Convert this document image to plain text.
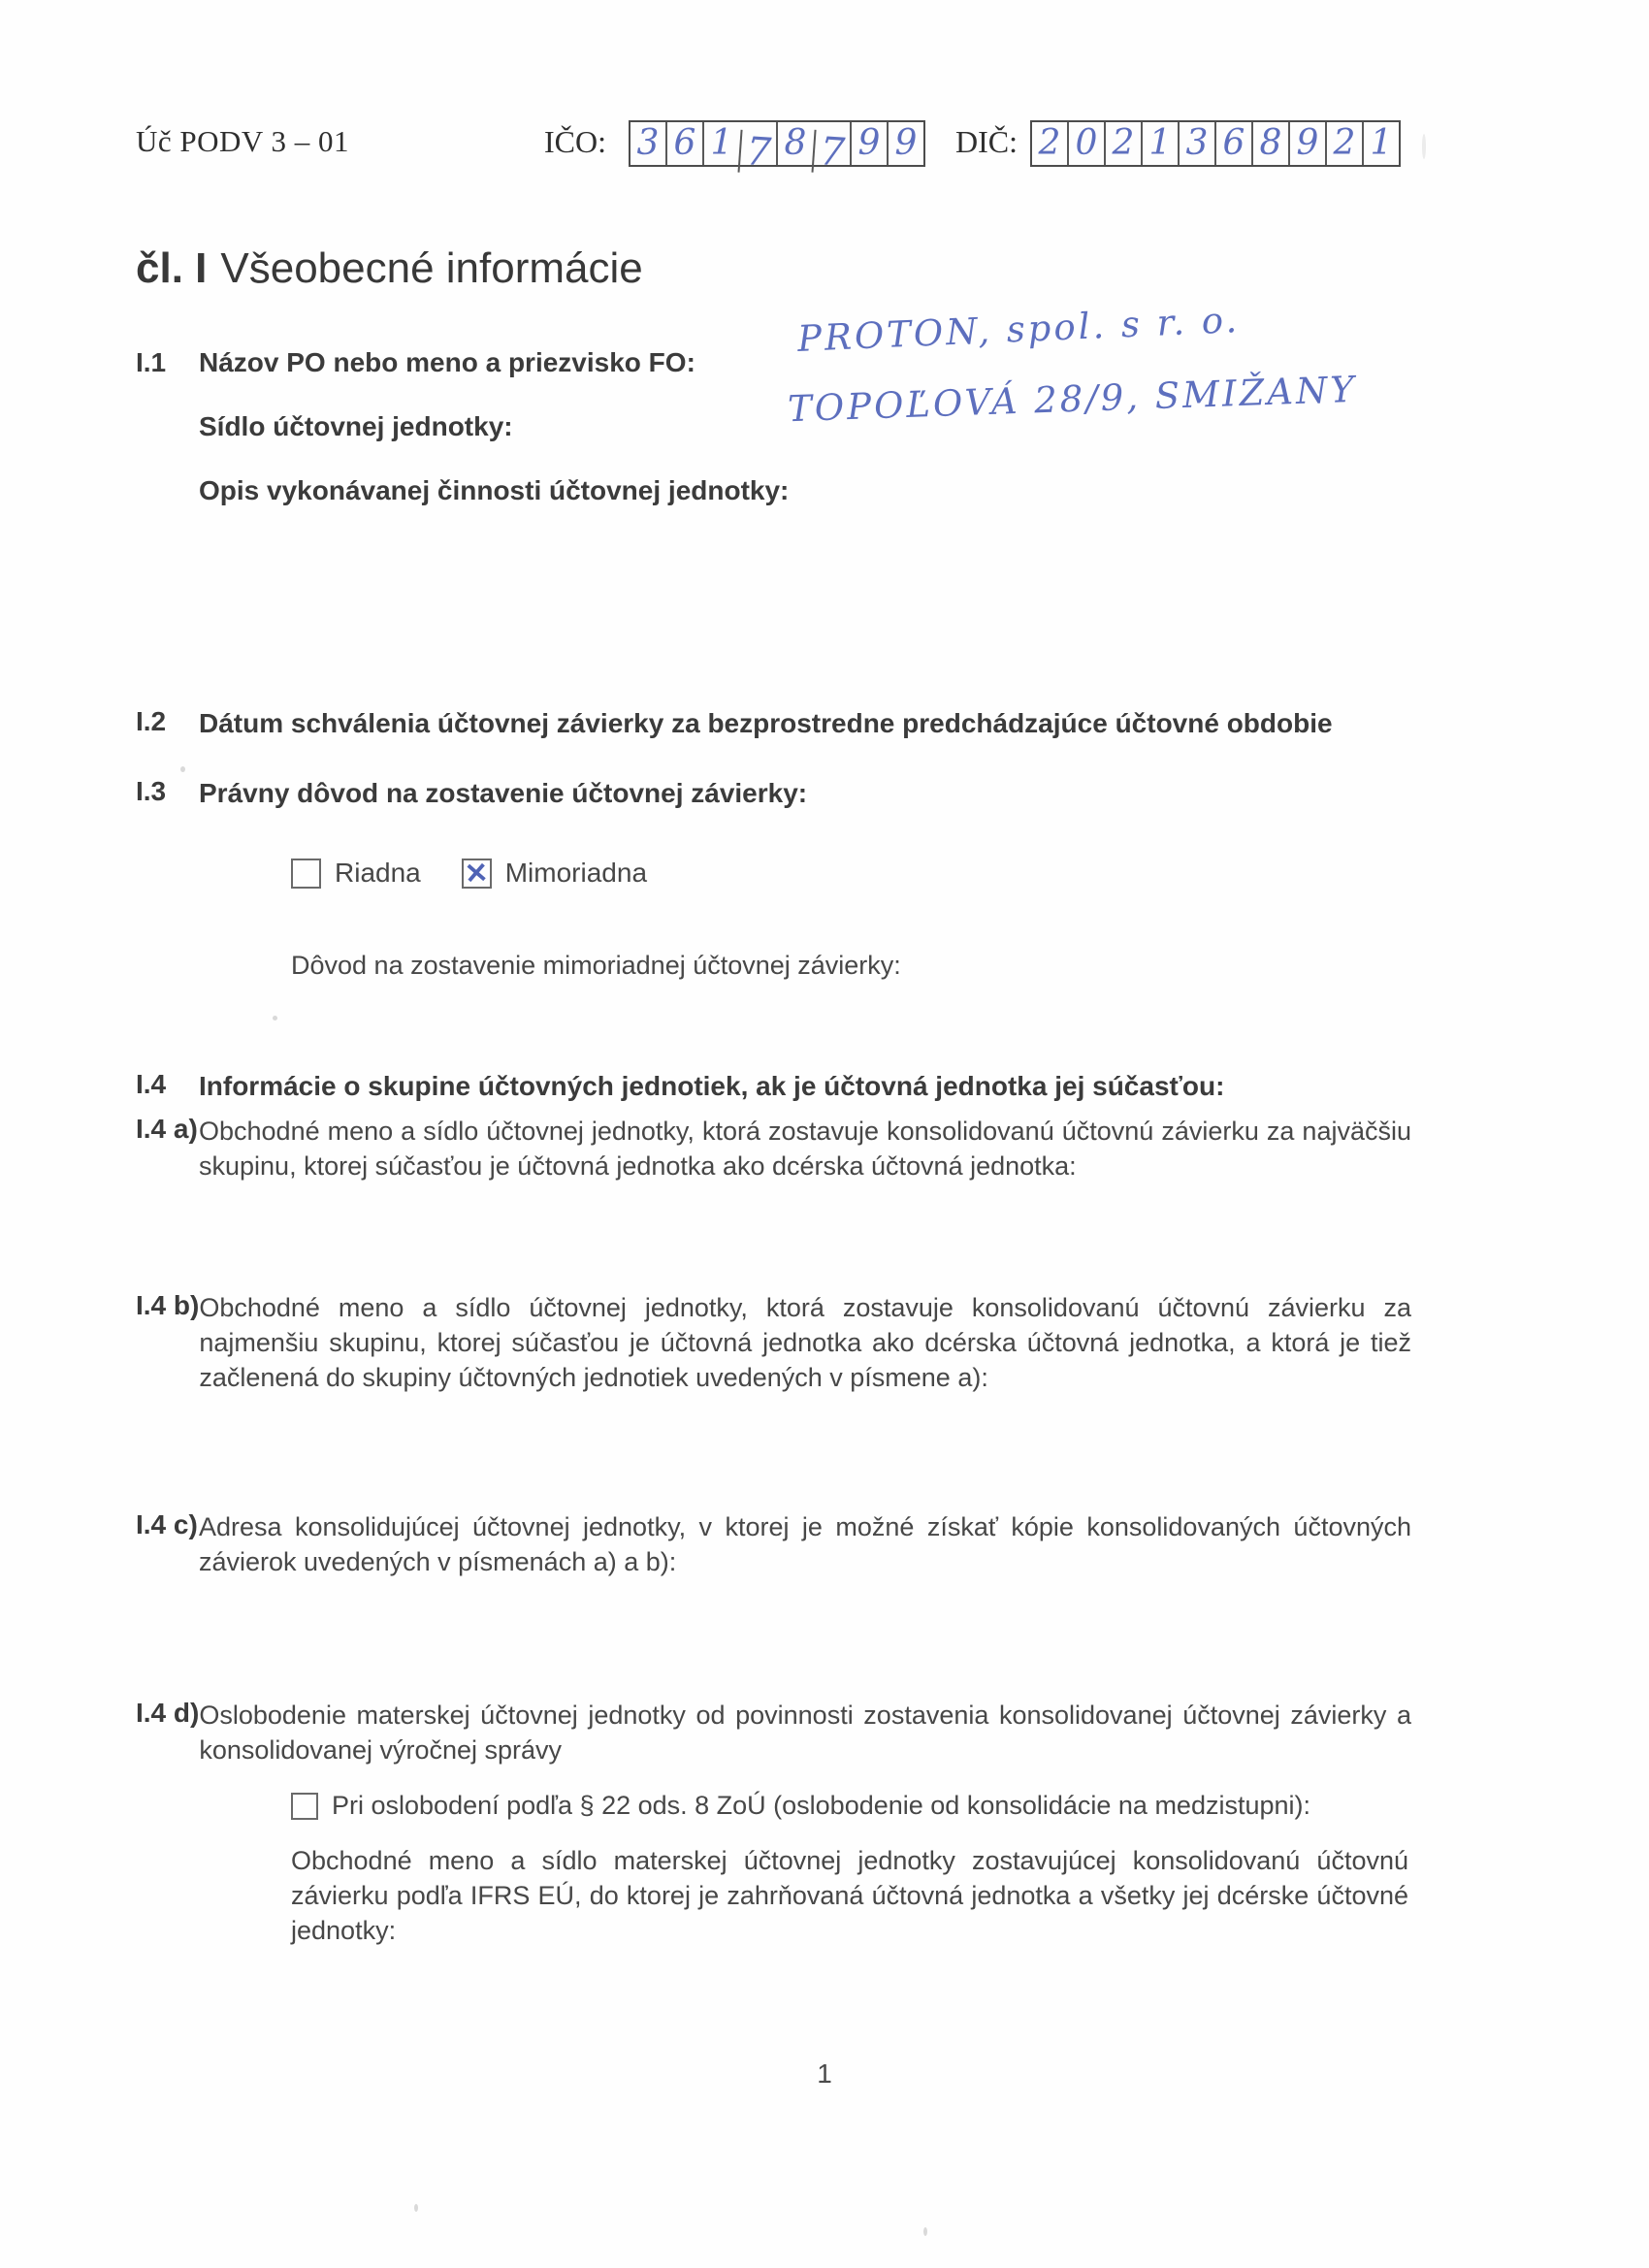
Úč PODV 3 – 01	IČO: 3 6 1 7 8 7 9 9 DIČ: 2 0 2 1 3 6 8 9 2 1
čl. I Všeobecné informácie
I.1 Názov PO nebo meno a priezvisko FO:
Sídlo účtovnej jednotky:
Opis vykonávanej činnosti účtovnej jednotky:
PROTON, spol. s r. o.
TOPOĽOVÁ 28/9, SMIŽANY
I.2	Dátum schválenia účtovnej závierky za bezprostredne predchádzajúce účtovné obdobie
I.3	Právny dôvod na zostavenie účtovnej závierky:
Riadna ✕	Mimoriadna
Dôvod na zostavenie mimoriadnej účtovnej závierky:
I.4	Informácie o skupine účtovných jednotiek, ak je účtovná jednotka jej súčasťou:
I.4 a) Obchodné meno a sídlo účtovnej jednotky, ktorá zostavuje konsolidovanú účtovnú závierku za najväčšiu skupinu, ktorej súčasťou je účtovná jednotka ako dcérska účtovná jednotka:
I.4 b) Obchodné meno a sídlo účtovnej jednotky, ktorá zostavuje konsolidovanú účtovnú závierku za najmenšiu skupinu, ktorej súčasťou je účtovná jednotka ako dcérska účtovná jednotka, a ktorá je tiež začlenená do skupiny účtovných jednotiek uvedených v písmene a):
I.4 c) Adresa konsolidujúcej účtovnej jednotky, v ktorej je možné získať kópie konsolidovaných účtovných závierok uvedených v písmenách a) a b):
I.4 d) Oslobodenie materskej účtovnej jednotky od povinnosti zostavenia konsolidovanej účtovnej závierky a konsolidovanej výročnej správy
Pri oslobodení podľa § 22 ods. 8 ZoÚ (oslobodenie od konsolidácie na medzistupni):
Obchodné meno a sídlo materskej účtovnej jednotky zostavujúcej konsolidovanú účtovnú závierku podľa IFRS EÚ, do ktorej je zahrňovaná účtovná jednotka a všetky jej dcérske účtovné jednotky:
1
